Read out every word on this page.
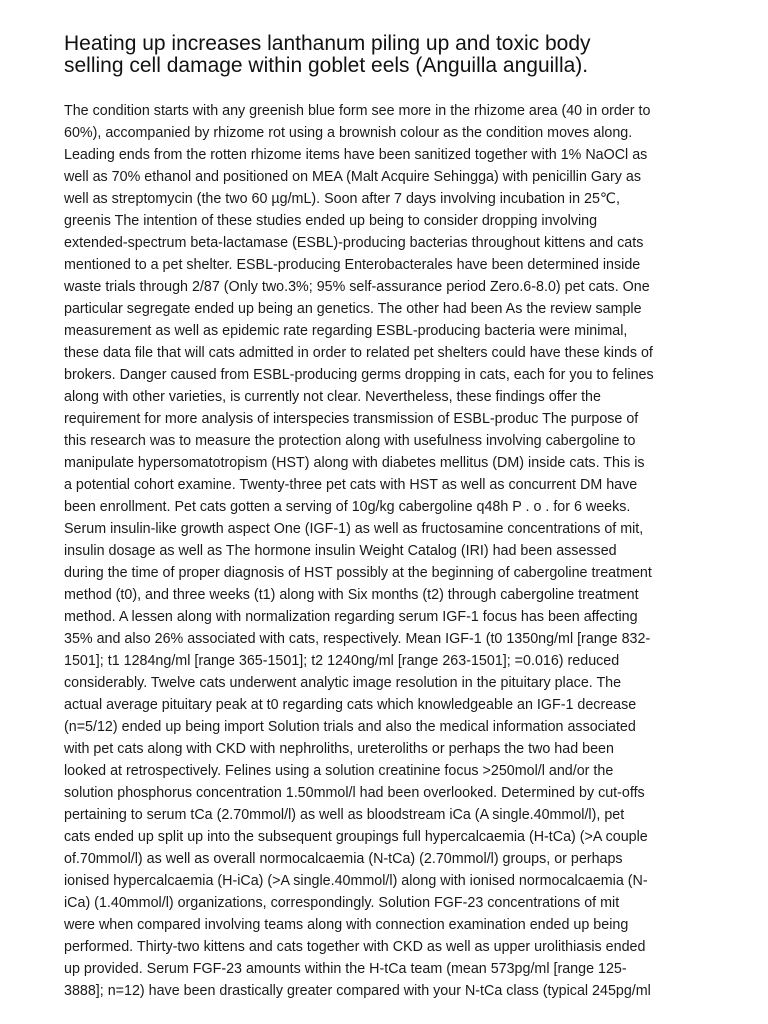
Heating up increases lanthanum piling up and toxic body
selling cell damage within goblet eels (Anguilla anguilla).
The condition starts with any greenish blue form see more in the rhizome area (40 in order to
60%), accompanied by rhizome rot using a brownish colour as the condition moves along.
Leading ends from the rotten rhizome items have been sanitized together with 1% NaOCl as
well as 70% ethanol and positioned on MEA (Malt Acquire Sehingga) with penicillin Gary as
well as streptomycin (the two 60 µg/mL). Soon after 7 days involving incubation in 25℃,
greenis The intention of these studies ended up being to consider dropping involving
extended-spectrum beta-lactamase (ESBL)-producing bacterias throughout kittens and cats
mentioned to a pet shelter. ESBL-producing Enterobacterales have been determined inside
waste trials through 2/87 (Only two.3%; 95% self-assurance period Zero.6-8.0) pet cats. One
particular segregate ended up being an genetics. The other had been As the review sample
measurement as well as epidemic rate regarding ESBL-producing bacteria were minimal,
these data file that will cats admitted in order to related pet shelters could have these kinds of
brokers. Danger caused from ESBL-producing germs dropping in cats, each for you to felines
along with other varieties, is currently not clear. Nevertheless, these findings offer the
requirement for more analysis of interspecies transmission of ESBL-produc The purpose of
this research was to measure the protection along with usefulness involving cabergoline to
manipulate hypersomatotropism (HST) along with diabetes mellitus (DM) inside cats. This is
a potential cohort examine. Twenty-three pet cats with HST as well as concurrent DM have
been enrollment. Pet cats gotten a serving of 10g/kg cabergoline q48h P . o . for 6 weeks.
Serum insulin-like growth aspect One (IGF-1) as well as fructosamine concentrations of mit,
insulin dosage as well as The hormone insulin Weight Catalog (IRI) had been assessed
during the time of proper diagnosis of HST possibly at the beginning of cabergoline treatment
method (t0), and three weeks (t1) along with Six months (t2) through cabergoline treatment
method. A lessen along with normalization regarding serum IGF-1 focus has been affecting
35% and also 26% associated with cats, respectively. Mean IGF-1 (t0 1350ng/ml [range 832-
1501]; t1 1284ng/ml [range 365-1501]; t2 1240ng/ml [range 263-1501]; =0.016) reduced
considerably. Twelve cats underwent analytic image resolution in the pituitary place. The
actual average pituitary peak at t0 regarding cats which knowledgeable an IGF-1 decrease
(n=5/12) ended up being import Solution trials and also the medical information associated
with pet cats along with CKD with nephroliths, ureteroliths or perhaps the two had been
looked at retrospectively. Felines using a solution creatinine focus >250mol/l and/or the
solution phosphorus concentration 1.50mmol/l had been overlooked. Determined by cut-offs
pertaining to serum tCa (2.70mmol/l) as well as bloodstream iCa (A single.40mmol/l), pet
cats ended up split up into the subsequent groupings full hypercalcaemia (H-tCa) (>A couple
of.70mmol/l) as well as overall normocalcaemia (N-tCa) (2.70mmol/l) groups, or perhaps
ionised hypercalcaemia (H-iCa) (>A single.40mmol/l) along with ionised normocalcaemia (N-
iCa) (1.40mmol/l) organizations, correspondingly. Solution FGF-23 concentrations of mit
were when compared involving teams along with connection examination ended up being
performed. Thirty-two kittens and cats together with CKD as well as upper urolithiasis ended
up provided. Serum FGF-23 amounts within the H-tCa team (mean 573pg/ml [range 125-
3888]; n=12) have been drastically greater compared with your N-tCa class (typical 245pg/ml
